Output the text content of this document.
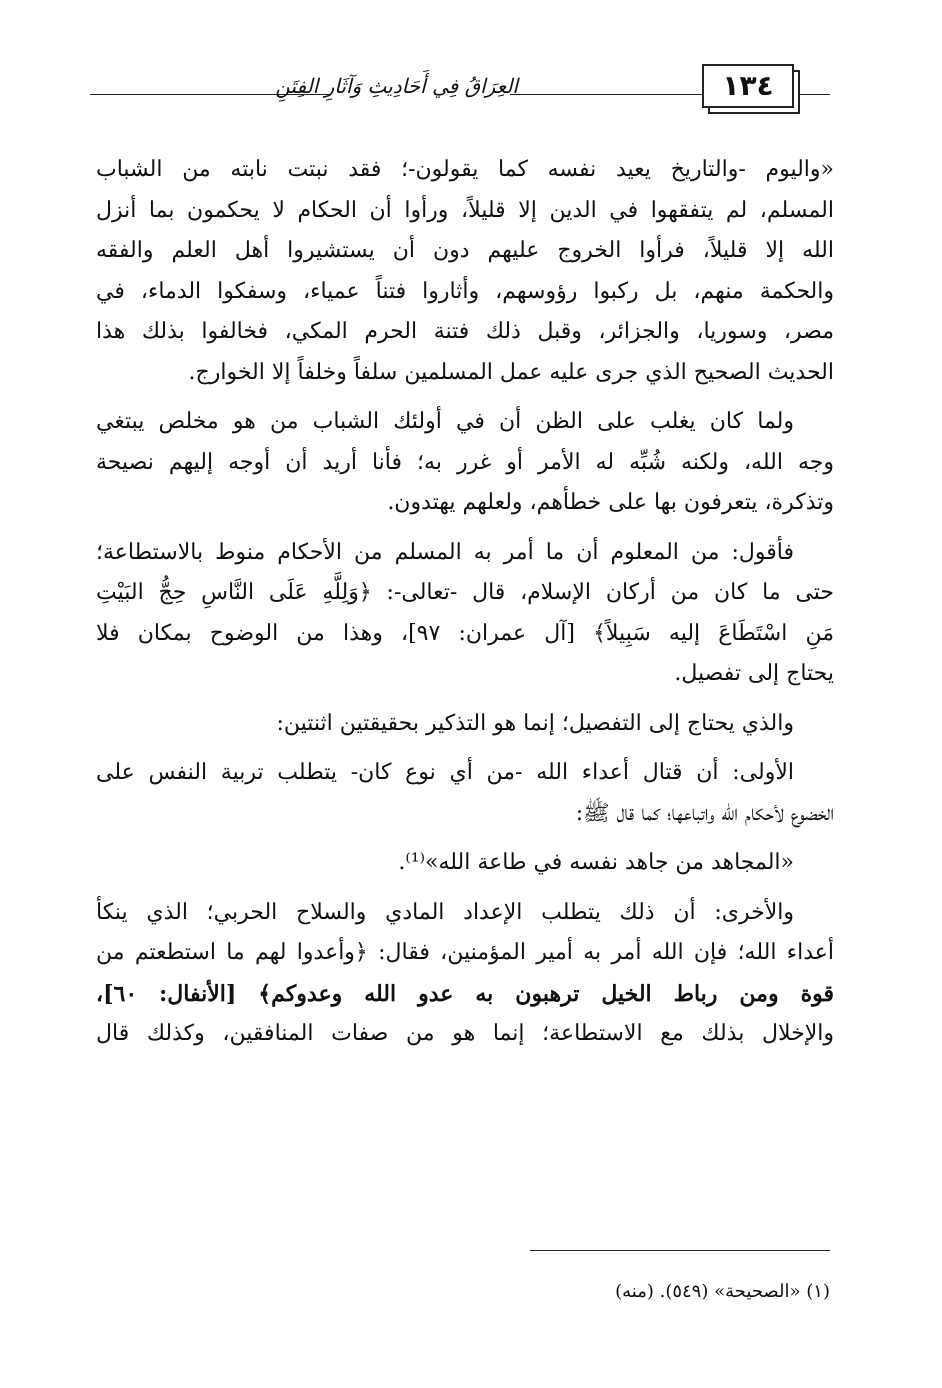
العِرَاقُ فِي أَحَادِيثِ وَآثَارِ الفِتَنِ	١٣٤

«واليوم -والتاريخ يعيد نفسه كما يقولون-؛ فقد نبتت نابته من الشباب
المسلم، لم يتفقهوا في الدين إلا قليلاً، ورأوا أن الحكام لا يحكمون بما أنزل
الله إلا قليلاً، فرأوا الخروج عليهم دون أن يستشيروا أهل العلم والفقه
والحكمة منهم، بل ركبوا رؤوسهم، وأثاروا فتناً عمياء، وسفكوا الدماء، في
مصر، وسوريا، والجزائر، وقبل ذلك فتنة الحرم المكي، فخالفوا بذلك هذا
الحديث الصحيح الذي جرى عليه عمل المسلمين سلفاً وخلفاً إلا الخوارج.

ولما كان يغلب على الظن أن في أولئك الشباب من هو مخلص يبتغي
وجه الله، ولكنه شُبِّه له الأمر أو غرر به؛ فأنا أريد أن أوجه إليهم نصيحة
وتذكرة، يتعرفون بها على خطأهم، ولعلهم يهتدون.

فأقول: من المعلوم أن ما أمر به المسلم من الأحكام منوط بالاستطاعة؛
حتى ما كان من أركان الإسلام، قال -تعالى-: ﴿وَلِلَّهِ عَلَى النَّاسِ حِجُّ البَيْتِ
مَنِ اسْتَطَاعَ إليه سَبِيلاً﴾ [آل عمران: ٩٧]، وهذا من الوضوح بمكان فلا
يحتاج إلى تفصيل.

والذي يحتاج إلى التفصيل؛ إنما هو التذكير بحقيقتين اثنتين:

الأولى: أن قتال أعداء الله -من أي نوع كان- يتطلب تربية النفس على
الخضوع لأحكام الله واتباعها؛ كما قال ﷺ:

«المجاهد من جاهد نفسه في طاعة الله»⁽¹⁾.

والأخرى: أن ذلك يتطلب الإعداد المادي والسلاح الحربي؛ الذي ينكأ
أعداء الله؛ فإن الله أمر به أمير المؤمنين، فقال: ﴿وأعدوا لهم ما استطعتم من
قوة ومن رباط الخيل ترهبون به عدو الله وعدوكم﴾ [الأنفال: ٦٠]،
والإخلال بذلك مع الاستطاعة؛ إنما هو من صفات المنافقين، وكذلك قال

(١) «الصحيحة» (٥٤٩). (منه)
